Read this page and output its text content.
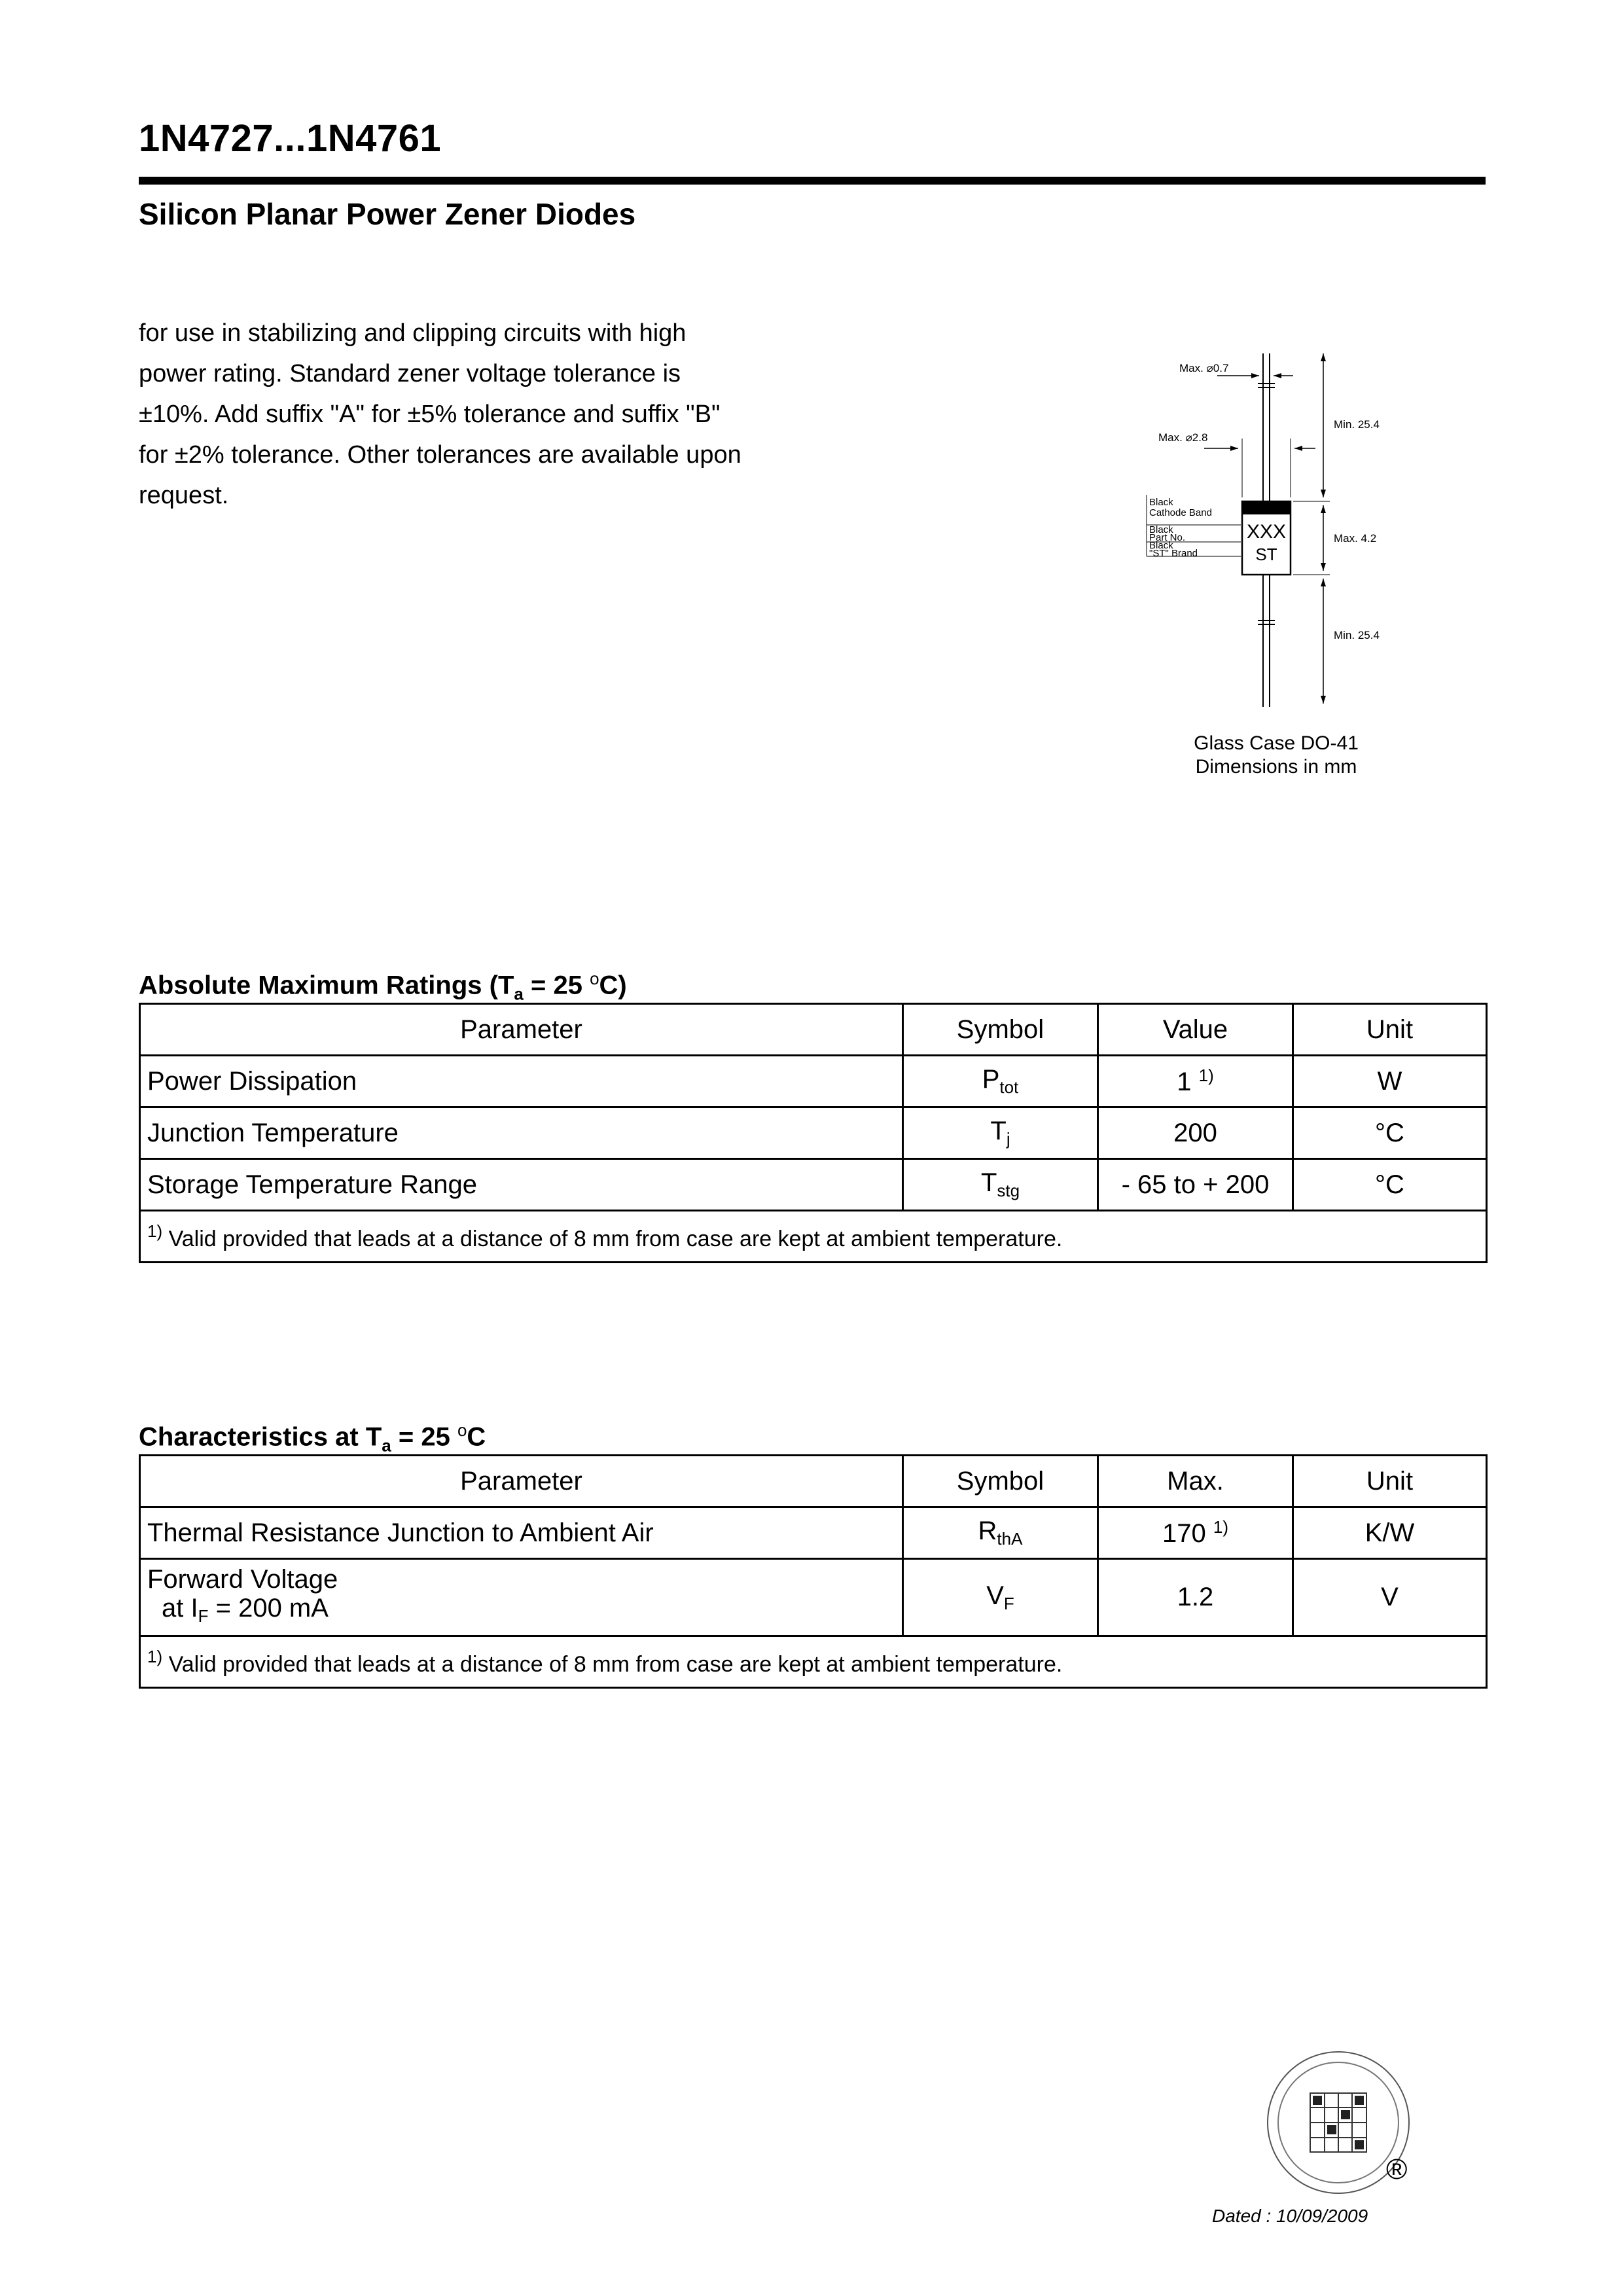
1N4727...1N4761
Silicon Planar Power Zener Diodes
for use in stabilizing and clipping circuits with high
power rating. Standard zener voltage tolerance is
±10%. Add suffix "A" for ±5% tolerance and suffix "B"
for ±2% tolerance. Other tolerances are available upon
request.
Max. ⌀0.7
Max. ⌀2.8
Min. 25.4
Max. 4.2
Min. 25.4
Black
Cathode Band
Black
Part No.
Black
"ST" Brand
XXX
ST
Glass Case DO-41
Dimensions in mm
Absolute Maximum Ratings ($T_a = 25$ $^o$C)
Parameter	Symbol	Value	Unit
Power Dissipation	$P_{tot}$	1 $^{1)}$	W
Junction Temperature	$T_j$	200	°C
Storage Temperature Range	$T_{stg}$	- 65 to + 200	°C
$^{1)}$ Valid provided that leads at a distance of 8 mm from case are kept at ambient temperature.			
Characteristics at $T_a = 25$ $^o$C
Parameter	Symbol	Max.	Unit
Thermal Resistance Junction to Ambient Air	$R_{thA}$	170 $^{1)}$	K/W

Forward Voltage
at $I_F = 200$ mA	$V_F$	1.2	V
$^{1)}$ Valid provided that leads at a distance of 8 mm from case are kept at ambient temperature.			
®
Dated : 10/09/2009
